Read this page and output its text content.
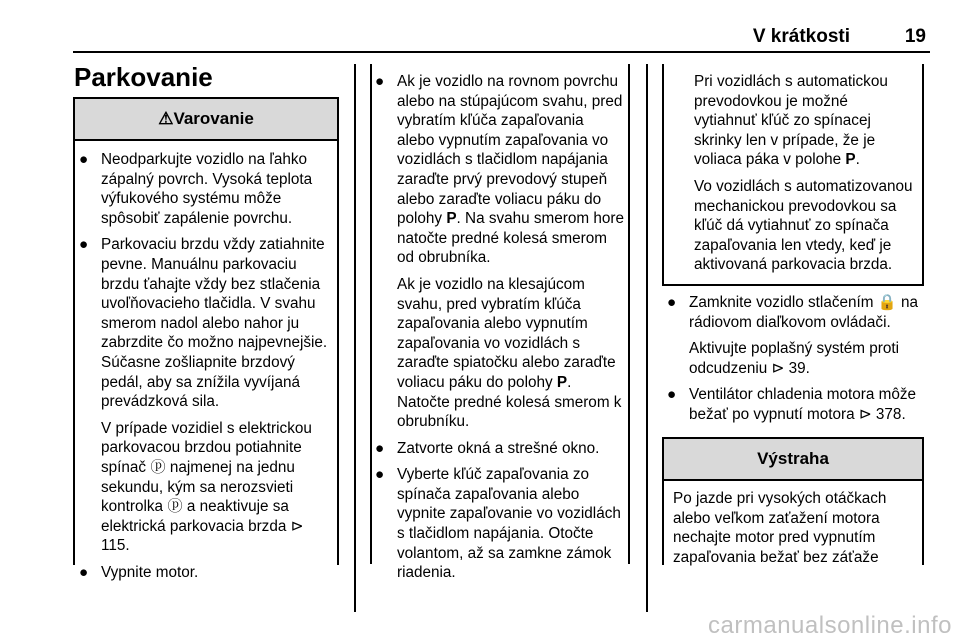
V krátkosti	19
Parkovanie
⚠Varovanie
● Neodparkujte vozidlo na ľahko zápalný povrch. Vysoká teplota výfukového systému môže spôsobiť zapálenie povrchu.

● Parkovaciu brzdu vždy zatiahnite pevne. Manuálnu parkovaciu brzdu ťahajte vždy bez stlačenia uvoľňovacieho tlačidla. V svahu smerom nadol alebo nahor ju zabrzdite čo možno najpevnejšie. Súčasne zošliapnite brzdový pedál, aby sa znížila vyvíjaná prevádzková sila.

V prípade vozidiel s elektrickou parkovacou brzdou potiahnite spínač ⓟ najmenej na jednu sekundu, kým sa nerozsvieti kontrolka ⓟ a neaktivuje sa elektrická parkovacia brzda ⊳ 115.

● Vypnite motor.

● Ak je vozidlo na rovnom povrchu alebo na stúpajúcom svahu, pred vybratím kľúča zapaľovania alebo vypnutím zapaľovania vo vozidlách s tlačidlom napájania zaraďte prvý prevodový stupeň alebo zaraďte voliacu páku do polohy P. Na svahu smerom hore natočte predné kolesá smerom od obrubníka.

Ak je vozidlo na klesajúcom svahu, pred vybratím kľúča zapaľovania alebo vypnutím zapaľovania vo vozidlách s zaraďte spiatočku alebo zaraďte voliacu páku do polohy P. Natočte predné kolesá smerom k obrubníku.

● Zatvorte okná a strešné okno.

● Vyberte kľúč zapaľovania zo spínača zapaľovania alebo vypnite zapaľovanie vo vozidlách s tlačidlom napájania. Otočte volantom, až sa zamkne zámok riadenia.

Pri vozidlách s automatickou prevodovkou je možné vytiahnuť kľúč zo spínacej skrinky len v prípade, že je voliaca páka v polohe P.

Vo vozidlách s automatizovanou mechanickou prevodovkou sa kľúč dá vytiahnuť zo spínača zapaľovania len vtedy, keď je aktivovaná parkovacia brzda.

● Zamknite vozidlo stlačením 🔒 na rádiovom diaľkovom ovládači.

Aktivujte poplašný systém proti odcudzeniu ⊳ 39.

● Ventilátor chladenia motora môže bežať po vypnutí motora ⊳ 378.

Výstraha

Po jazde pri vysokých otáčkach alebo veľkom zaťažení motora nechajte motor pred vypnutím zapaľovania bežať bez záťaže

carmanualsonline.info
